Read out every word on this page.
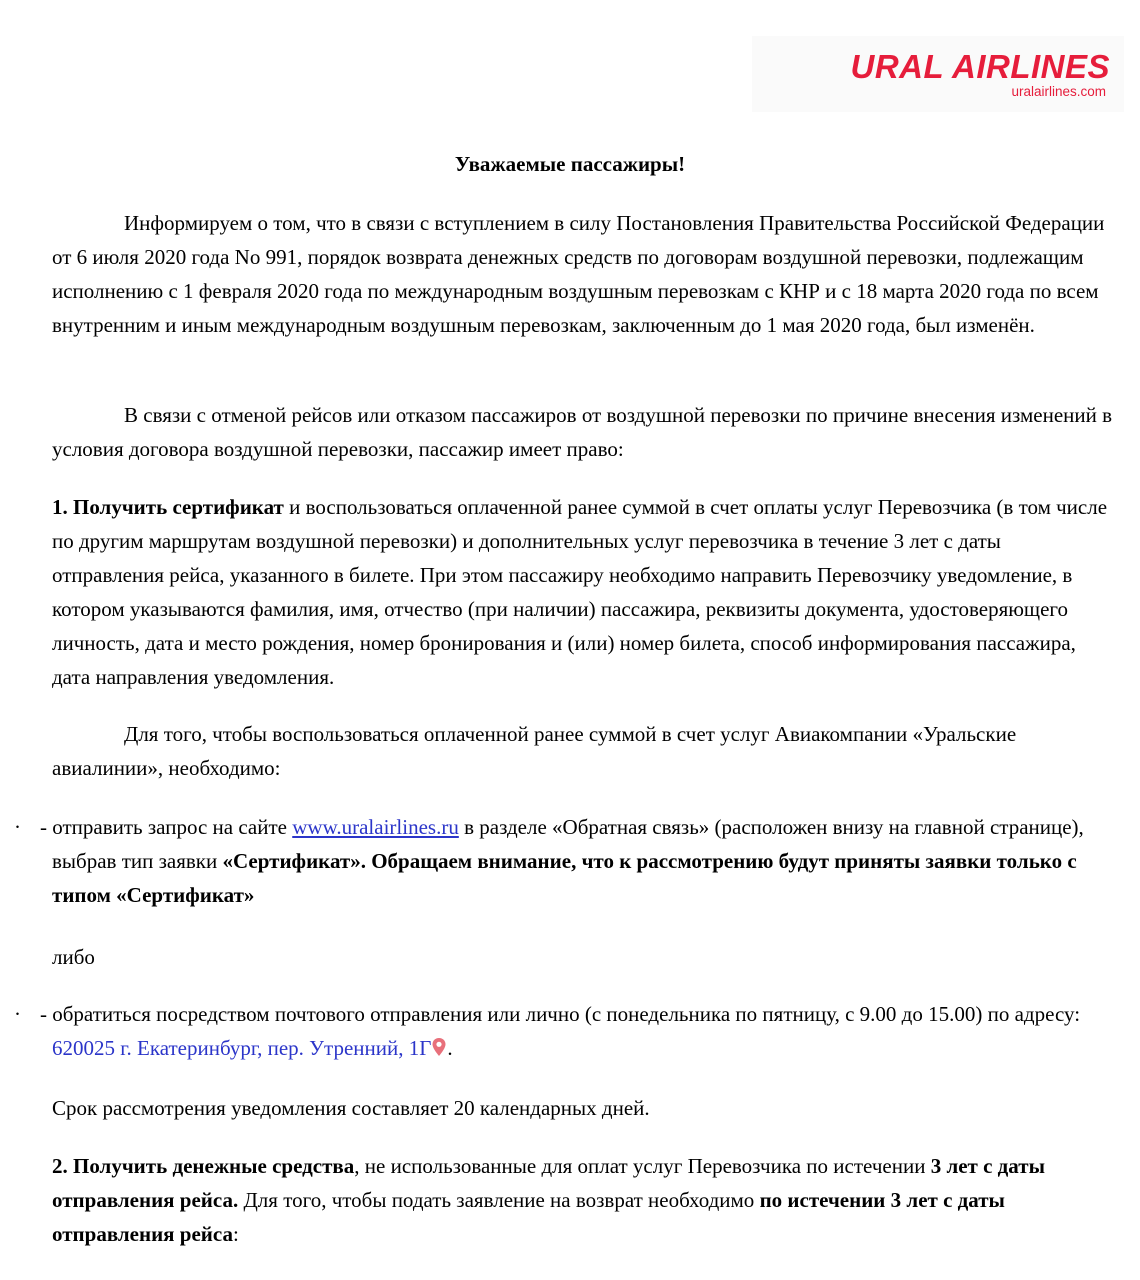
URAL AIRLINES
uralairlines.com
Уважаемые пассажиры!

Информируем о том, что в связи с вступлением в силу Постановления Правительства Российской Федерации от 6 июля 2020 года No 991, порядок возврата денежных средств по договорам воздушной перевозки, подлежащим исполнению с 1 февраля 2020 года по международным воздушным перевозкам с КНР и с 18 марта 2020 года по всем внутренним и иным международным воздушным перевозкам, заключенным до 1 мая 2020 года, был изменён.

В связи с отменой рейсов или отказом пассажиров от воздушной перевозки по причине внесения изменений в условия договора воздушной перевозки, пассажир имеет право:

1. Получить сертификат и воспользоваться оплаченной ранее суммой в счет оплаты услуг Перевозчика (в том числе по другим маршрутам воздушной перевозки) и дополнительных услуг перевозчика в течение 3 лет с даты отправления рейса, указанного в билете. При этом пассажиру необходимо направить Перевозчику уведомление, в котором указываются фамилия, имя, отчество (при наличии) пассажира, реквизиты документа, удостоверяющего личность, дата и место рождения, номер бронирования и (или) номер билета, способ информирования пассажира, дата направления уведомления.

Для того, чтобы воспользоваться оплаченной ранее суммой в счет услуг Авиакомпании «Уральские авиалинии», необходимо:

· - отправить запрос на сайте www.uralairlines.ru в разделе «Обратная связь» (расположен внизу на главной странице), выбрав тип заявки «Сертификат». Обращаем внимание, что к рассмотрению будут приняты заявки только с типом «Сертификат»

либо

· - обратиться посредством почтового отправления или лично (с понедельника по пятницу, с 9.00 до 15.00) по адресу: 620025 г. Екатеринбург, пер. Утренний, 1Г .

Срок рассмотрения уведомления составляет 20 календарных дней.

2. Получить денежные средства, не использованные для оплат услуг Перевозчика по истечении 3 лет с даты отправления рейса. Для того, чтобы подать заявление на возврат необходимо по истечении 3 лет с даты отправления рейса:
